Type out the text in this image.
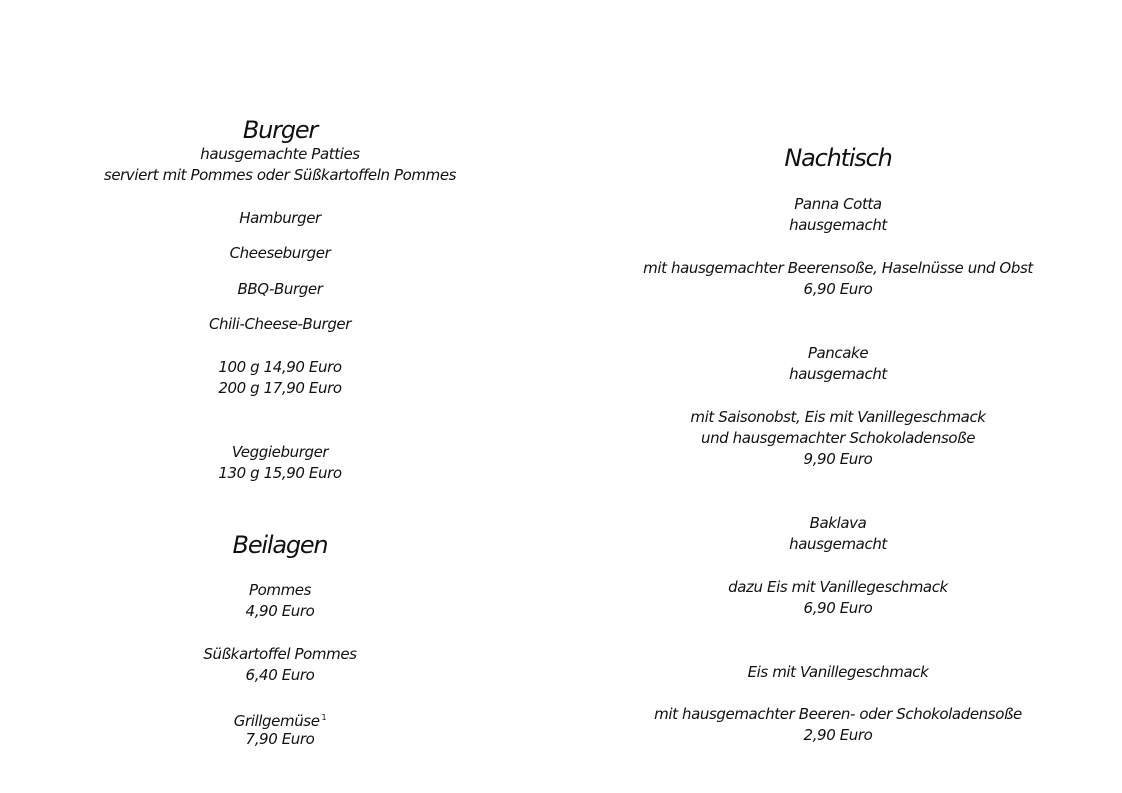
Burger
hausgemachte Patties
serviert mit Pommes oder Süßkartoffeln Pommes
Hamburger
Cheeseburger
BBQ-Burger
Chili-Cheese-Burger
100 g 14,90 Euro
200 g 17,90 Euro
Veggieburger
130 g 15,90 Euro
Beilagen
Pommes
4,90 Euro
Süßkartoffel Pommes
6,40 Euro
Grillgemüse $^1$
7,90 Euro
Nachtisch
Panna Cotta
hausgemacht
mit hausgemachter Beerensoße, Haselnüsse und Obst
6,90 Euro
Pancake
hausgemacht
mit Saisonobst, Eis mit Vanillegeschmack
und hausgemachter Schokoladensoße
9,90 Euro
Baklava
hausgemacht
dazu Eis mit Vanillegeschmack
6,90 Euro
Eis mit Vanillegeschmack
mit hausgemachter Beeren- oder Schokoladensoße
2,90 Euro
